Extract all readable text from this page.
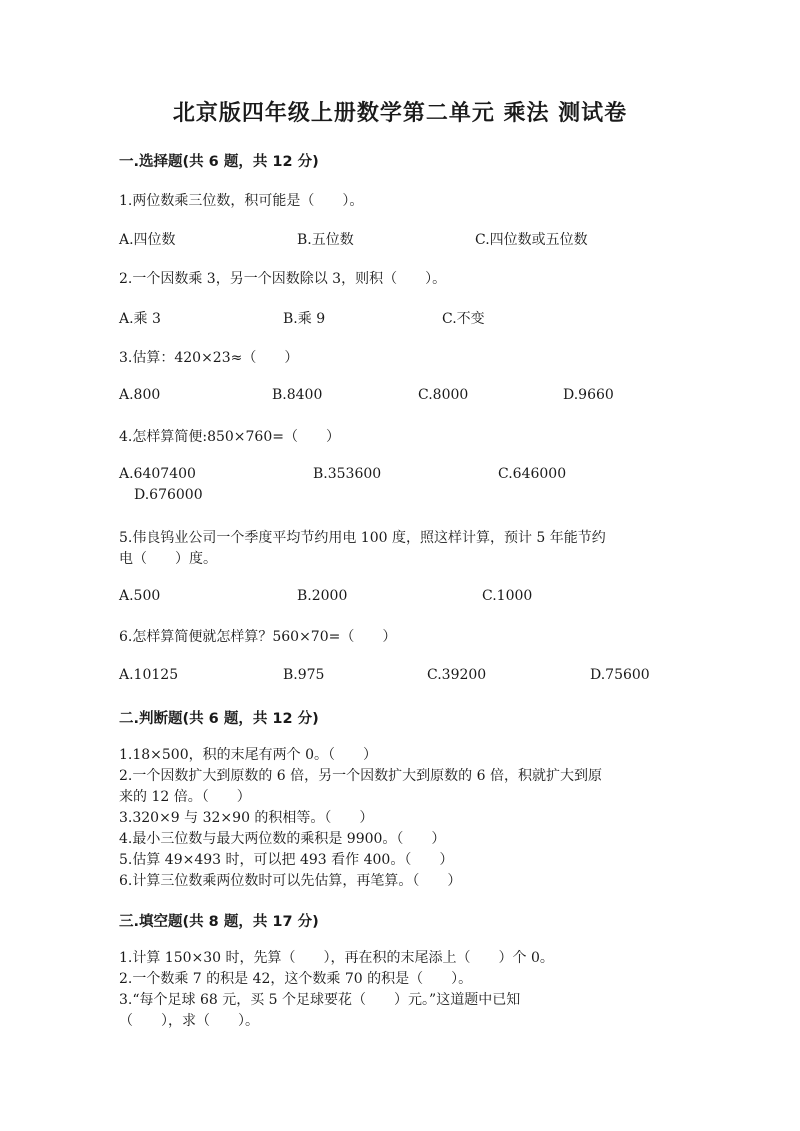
北京版四年级上册数学第二单元 乘法 测试卷
一.选择题(共 6 题，共 12 分)
1.两位数乘三位数，积可能是（　　）。
A.四位数	B.五位数	C.四位数或五位数
2.一个因数乘 3，另一个因数除以 3，则积（　　）。
A.乘 3	B.乘 9	C.不变
3.估算：420×23≈（　　）
A.800	B.8400	C.8000	D.9660
4.怎样算简便:850×760=（　　）
A.6407400	B.353600	C.646000
D.676000
5.伟良钨业公司一个季度平均节约用电 100 度，照这样计算，预计 5 年能节约
电（　　）度。
A.500	B.2000	C.1000
6.怎样算简便就怎样算？560×70=（　　）
A.10125	B.975	C.39200	D.75600
二.判断题(共 6 题，共 12 分)
1.18×500，积的末尾有两个 0。（　　）
2.一个因数扩大到原数的 6 倍，另一个因数扩大到原数的 6 倍，积就扩大到原
来的 12 倍。（　　）
3.320×9 与 32×90 的积相等。（　　）
4.最小三位数与最大两位数的乘积是 9900。（　　）
5.估算 49×493 时，可以把 493 看作 400。（　　）
6.计算三位数乘两位数时可以先估算，再笔算。（　　）
三.填空题(共 8 题，共 17 分)
1.计算 150×30 时，先算（　　），再在积的末尾添上（　　）个 0。
2.一个数乘 7 的积是 42，这个数乘 70 的积是（　　）。
3.“每个足球 68 元，买 5 个足球要花（　　）元。”这道题中已知
（　　），求（　　）。
